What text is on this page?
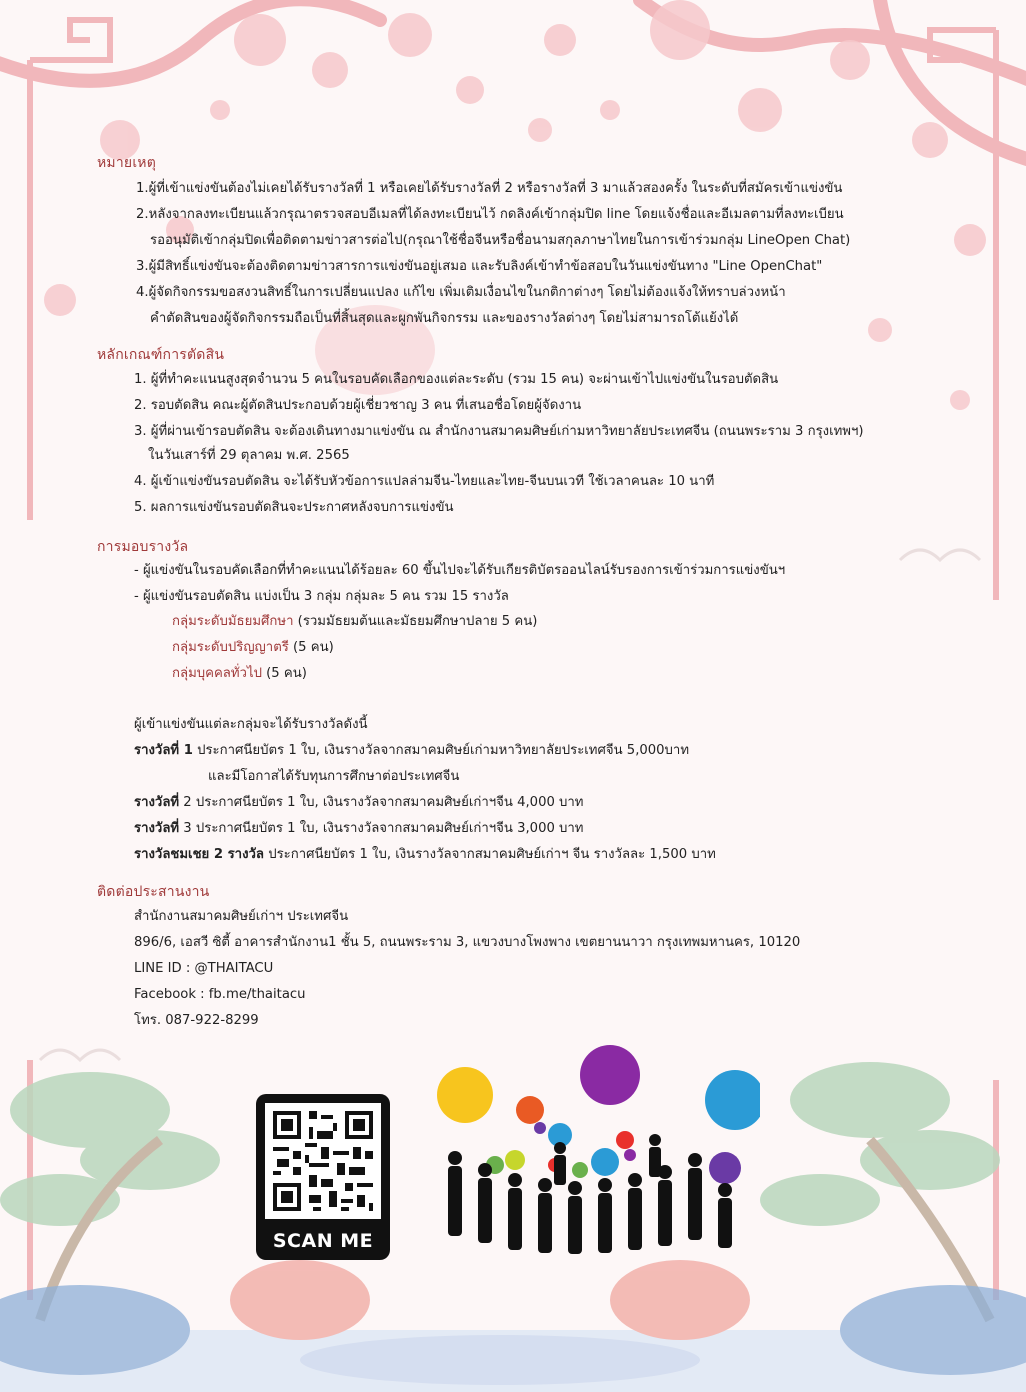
หมายเหตุ
1.ผู้ที่เข้าแข่งขันต้องไม่เคยได้รับรางวัลที่ 1 หรือเคยได้รับรางวัลที่ 2 หรือรางวัลที่ 3 มาแล้วสองครั้ง ในระดับที่สมัครเข้าแข่งขัน
2.หลังจากลงทะเบียนแล้วกรุณาตรวจสอบอีเมลที่ได้ลงทะเบียนไว้ กดลิงค์เข้ากลุ่มปิด line โดยแจ้งชื่อและอีเมลตามที่ลงทะเบียน
รออนุมัติเข้ากลุ่มปิดเพื่อติดตามข่าวสารต่อไป(กรุณาใช้ชื่อจีนหรือชื่อนามสกุลภาษาไทยในการเข้าร่วมกลุ่ม LineOpen Chat)
3.ผู้มีสิทธิ์แข่งขันจะต้องติดตามข่าวสารการแข่งขันอยู่เสมอ และรับลิงค์เข้าทำข้อสอบในวันแข่งขันทาง "Line OpenChat"
4.ผู้จัดกิจกรรมขอสงวนสิทธิ์ในการเปลี่ยนแปลง แก้ไข เพิ่มเติมเงื่อนไขในกติกาต่างๆ โดยไม่ต้องแจ้งให้ทราบล่วงหน้า
คำตัดสินของผู้จัดกิจกรรมถือเป็นที่สิ้นสุดและผูกพันกิจกรรม และของรางวัลต่างๆ โดยไม่สามารถโต้แย้งได้
หลักเกณฑ์การตัดสิน
1. ผู้ที่ทำคะแนนสูงสุดจำนวน 5 คนในรอบคัดเลือกของแต่ละระดับ (รวม 15 คน) จะผ่านเข้าไปแข่งขันในรอบตัดสิน
2. รอบตัดสิน คณะผู้ตัดสินประกอบด้วยผู้เชี่ยวชาญ 3 คน ที่เสนอชื่อโดยผู้จัดงาน
3. ผู้ที่ผ่านเข้ารอบตัดสิน จะต้องเดินทางมาแข่งขัน ณ สำนักงานสมาคมศิษย์เก่ามหาวิทยาลัยประเทศจีน (ถนนพระราม 3 กรุงเทพฯ)
ในวันเสาร์ที่ 29 ตุลาคม พ.ศ. 2565
4. ผู้เข้าแข่งขันรอบตัดสิน จะได้รับหัวข้อการแปลล่ามจีน-ไทยและไทย-จีนบนเวที ใช้เวลาคนละ 10 นาที
5. ผลการแข่งขันรอบตัดสินจะประกาศหลังจบการแข่งขัน
การมอบรางวัล
- ผู้แข่งขันในรอบคัดเลือกที่ทำคะแนนได้ร้อยละ 60 ขึ้นไปจะได้รับเกียรติบัตรออนไลน์รับรองการเข้าร่วมการแข่งขันฯ
- ผู้แข่งขันรอบตัดสิน แบ่งเป็น 3 กลุ่ม กลุ่มละ 5 คน รวม 15 รางวัล
กลุ่มระดับมัธยมศึกษา (รวมมัธยมต้นและมัธยมศึกษาปลาย 5 คน)
กลุ่มระดับปริญญาตรี (5 คน)
กลุ่มบุคคลทั่วไป (5 คน)
ผู้เข้าแข่งขันแต่ละกลุ่มจะได้รับรางวัลดังนี้
รางวัลที่ 1 ประกาศนียบัตร 1 ใบ, เงินรางวัลจากสมาคมศิษย์เก่ามหาวิทยาลัยประเทศจีน 5,000บาท
และมีโอกาสได้รับทุนการศึกษาต่อประเทศจีน
รางวัลที่ 2 ประกาศนียบัตร 1 ใบ, เงินรางวัลจากสมาคมศิษย์เก่าฯจีน 4,000 บาท
รางวัลที่ 3 ประกาศนียบัตร 1 ใบ, เงินรางวัลจากสมาคมศิษย์เก่าฯจีน 3,000 บาท
รางวัลชมเชย 2 รางวัล ประกาศนียบัตร 1 ใบ, เงินรางวัลจากสมาคมศิษย์เก่าฯ จีน รางวัลละ 1,500 บาท
ติดต่อประสานงาน
สำนักงานสมาคมศิษย์เก่าฯ ประเทศจีน
896/6, เอสวี ซิตี้ อาคารสำนักงาน1 ชั้น 5, ถนนพระราม 3, แขวงบางโพงพาง เขตยานนาวา กรุงเทพมหานคร, 10120
LINE ID : @THAITACU
Facebook : fb.me/thaitacu
โทร. 087-922-8299
SCAN ME
